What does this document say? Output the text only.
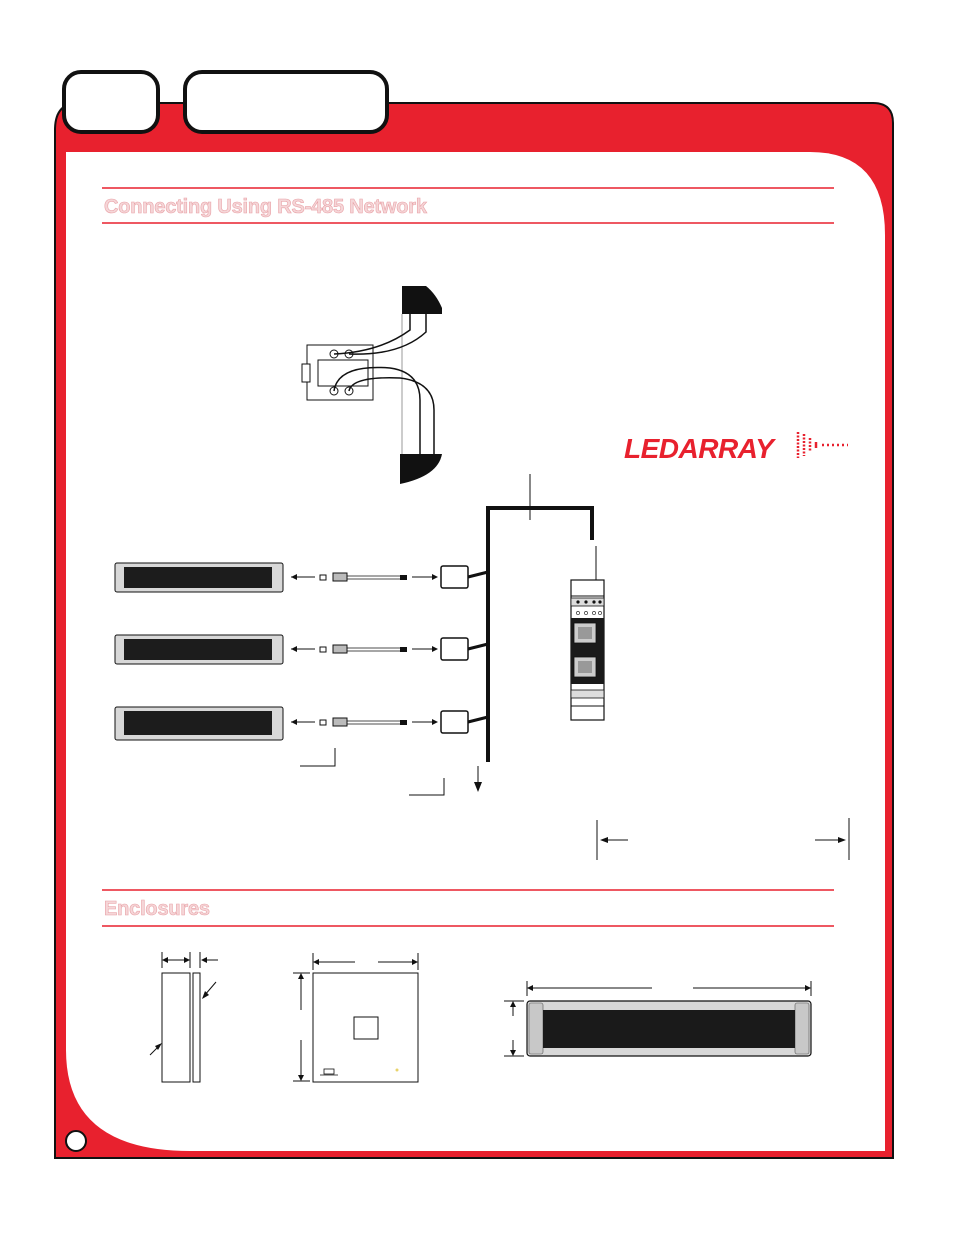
LEDARRAY
Connecting Using RS-485 Network
Enclosures
